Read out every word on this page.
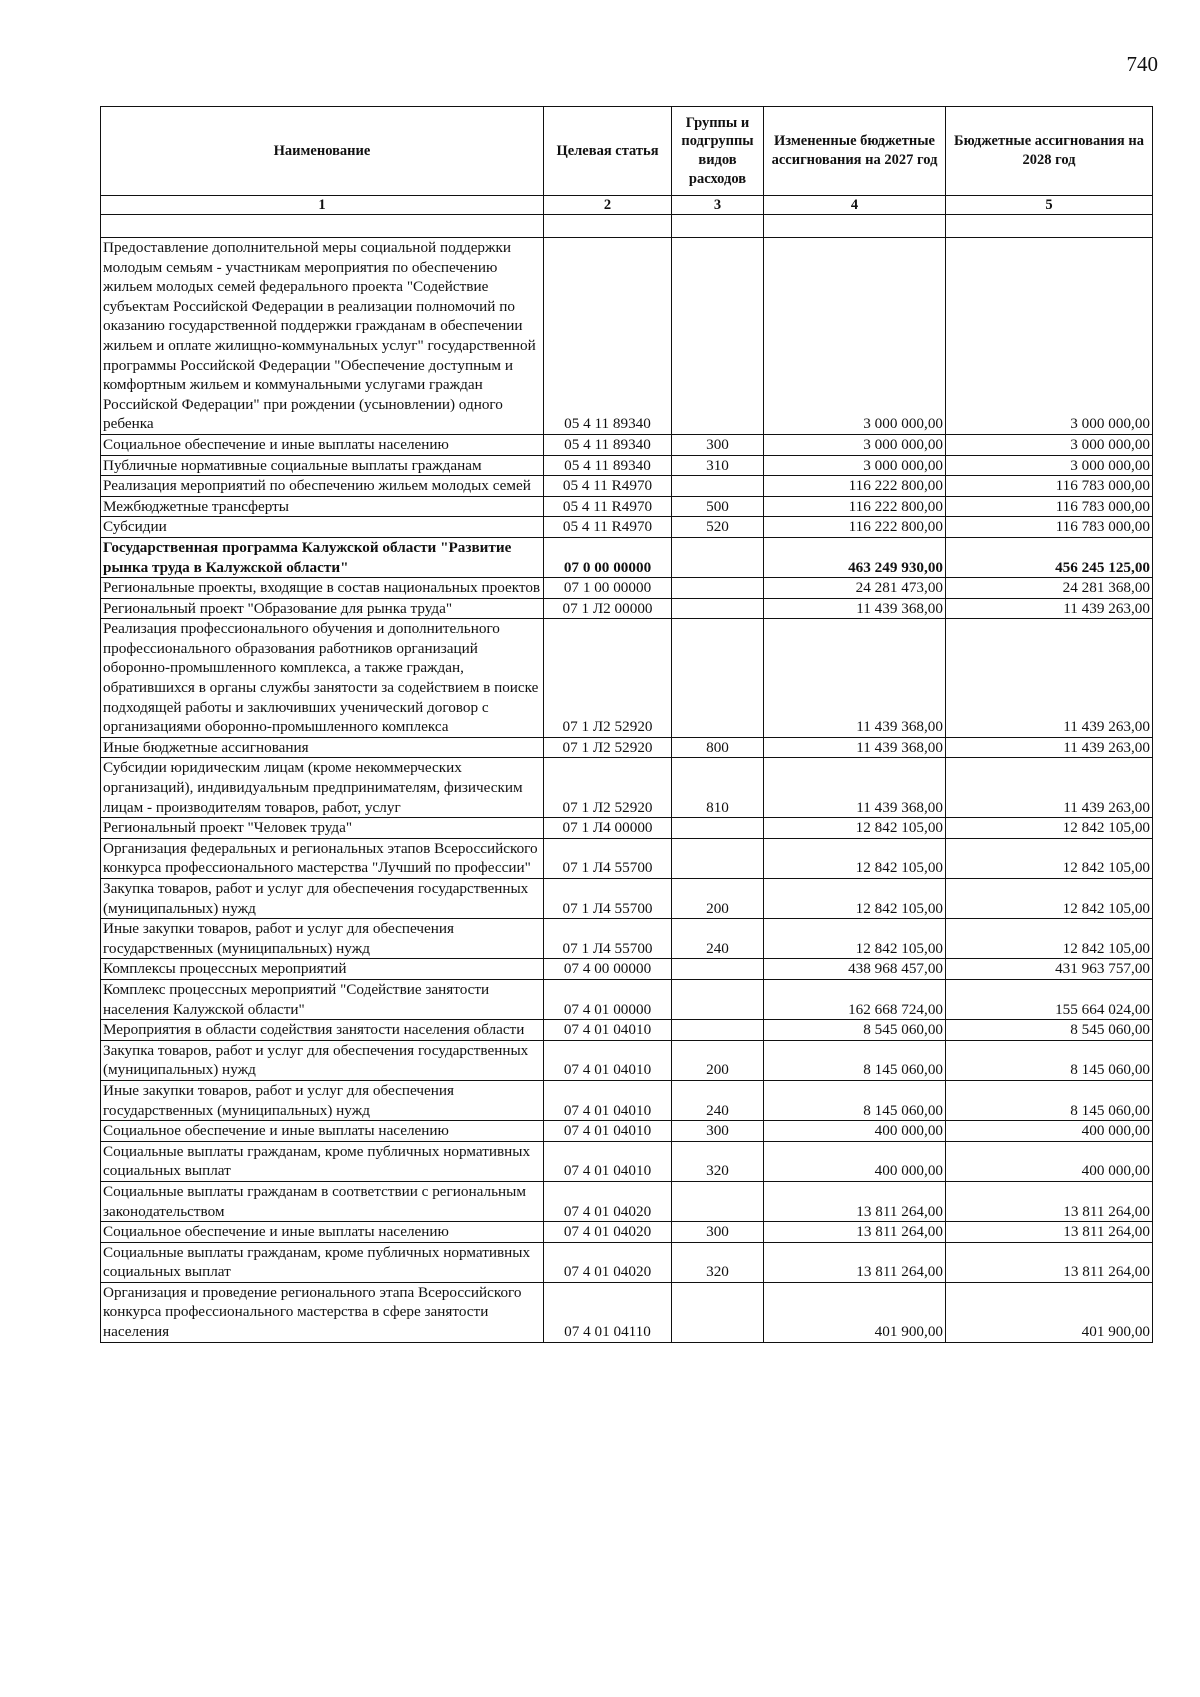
740
Наименование	Целевая статья	Группы и подгруппы видов расходов	Измененные бюджетные ассигнования на 2027 год	Бюджетные ассигнования на 2028 год
1	2	3	4	5

Предоставление дополнительной меры социальной поддержки молодым семьям - участникам мероприятия по обеспечению жильем молодых семей федерального проекта "Содействие субъектам Российской Федерации в реализации полномочий по оказанию государственной поддержки гражданам в обеспечении жильем и оплате жилищно-коммунальных услуг" государственной программы Российской Федерации "Обеспечение доступным и комфортным жильем и коммунальными услугами граждан Российской Федерации" при рождении (усыновлении) одного ребенка	05 4 11 89340		3 000 000,00	3 000 000,00
Социальное обеспечение и иные выплаты населению	05 4 11 89340	300	3 000 000,00	3 000 000,00
Публичные нормативные социальные выплаты гражданам	05 4 11 89340	310	3 000 000,00	3 000 000,00
Реализация мероприятий по обеспечению жильем молодых семей	05 4 11 R4970		116 222 800,00	116 783 000,00
Межбюджетные трансферты	05 4 11 R4970	500	116 222 800,00	116 783 000,00
Субсидии	05 4 11 R4970	520	116 222 800,00	116 783 000,00
Государственная программа Калужской области "Развитие рынка труда в Калужской области"	07 0 00 00000		463 249 930,00	456 245 125,00
Региональные проекты, входящие в состав национальных проектов	07 1 00 00000		24 281 473,00	24 281 368,00
Региональный проект "Образование для рынка труда"	07 1 Л2 00000		11 439 368,00	11 439 263,00
Реализация профессионального обучения и дополнительного профессионального образования работников организаций оборонно-промышленного комплекса, а также граждан, обратившихся в органы службы занятости за содействием в поиске подходящей работы и заключивших ученический договор с организациями оборонно-промышленного комплекса	07 1 Л2 52920		11 439 368,00	11 439 263,00
Иные бюджетные ассигнования	07 1 Л2 52920	800	11 439 368,00	11 439 263,00
Субсидии юридическим лицам (кроме некоммерческих организаций), индивидуальным предпринимателям, физическим лицам - производителям товаров, работ, услуг	07 1 Л2 52920	810	11 439 368,00	11 439 263,00
Региональный проект "Человек труда"	07 1 Л4 00000		12 842 105,00	12 842 105,00
Организация федеральных и региональных этапов Всероссийского конкурса профессионального мастерства "Лучший по профессии"	07 1 Л4 55700		12 842 105,00	12 842 105,00
Закупка товаров, работ и услуг для обеспечения государственных (муниципальных) нужд	07 1 Л4 55700	200	12 842 105,00	12 842 105,00
Иные закупки товаров, работ и услуг для обеспечения государственных (муниципальных) нужд	07 1 Л4 55700	240	12 842 105,00	12 842 105,00
Комплексы процессных мероприятий	07 4 00 00000		438 968 457,00	431 963 757,00
Комплекс процессных мероприятий "Содействие занятости населения Калужской области"	07 4 01 00000		162 668 724,00	155 664 024,00
Мероприятия в области содействия занятости населения области	07 4 01 04010		8 545 060,00	8 545 060,00
Закупка товаров, работ и услуг для обеспечения государственных (муниципальных) нужд	07 4 01 04010	200	8 145 060,00	8 145 060,00
Иные закупки товаров, работ и услуг для обеспечения государственных (муниципальных) нужд	07 4 01 04010	240	8 145 060,00	8 145 060,00
Социальное обеспечение и иные выплаты населению	07 4 01 04010	300	400 000,00	400 000,00
Социальные выплаты гражданам, кроме публичных нормативных социальных выплат	07 4 01 04010	320	400 000,00	400 000,00
Социальные выплаты гражданам в соответствии с региональным законодательством	07 4 01 04020		13 811 264,00	13 811 264,00
Социальное обеспечение и иные выплаты населению	07 4 01 04020	300	13 811 264,00	13 811 264,00
Социальные выплаты гражданам, кроме публичных нормативных социальных выплат	07 4 01 04020	320	13 811 264,00	13 811 264,00
Организация и проведение регионального этапа Всероссийского конкурса профессионального мастерства в сфере занятости населения	07 4 01 04110		401 900,00	401 900,00
